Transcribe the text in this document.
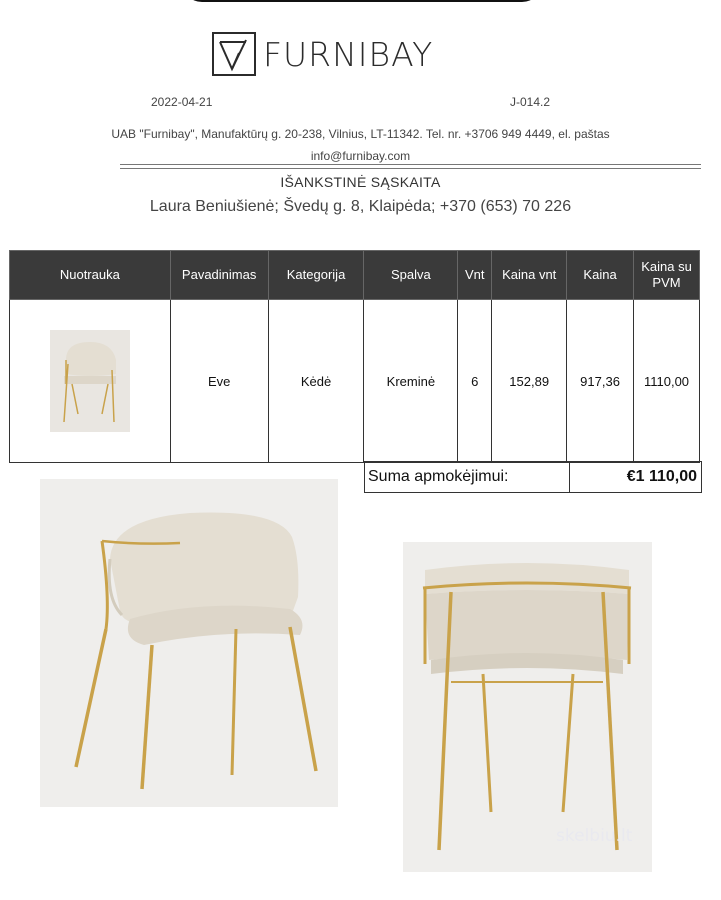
FURNIBAY
2022-04-21	J-014.2
UAB "Furnibay", Manufaktūrų g. 20-238, Vilnius, LT-11342. Tel. nr. +3706 949 4449, el. paštas
info@furnibay.com
IŠANKSTINĖ SĄSKAITA
Laura Beniušienė; Švedų g. 8, Klaipėda; +370 (653) 70 226
Nuotrauka	Pavadinimas	Kategorija	Spalva	Vnt	Kaina vnt	Kaina	Kaina su PVM

	Eve	Kėdė	Kreminė	6	152,89	917,36	1110,00
Suma apmokėjimui:	€1 110,00
skelbiu.lt
